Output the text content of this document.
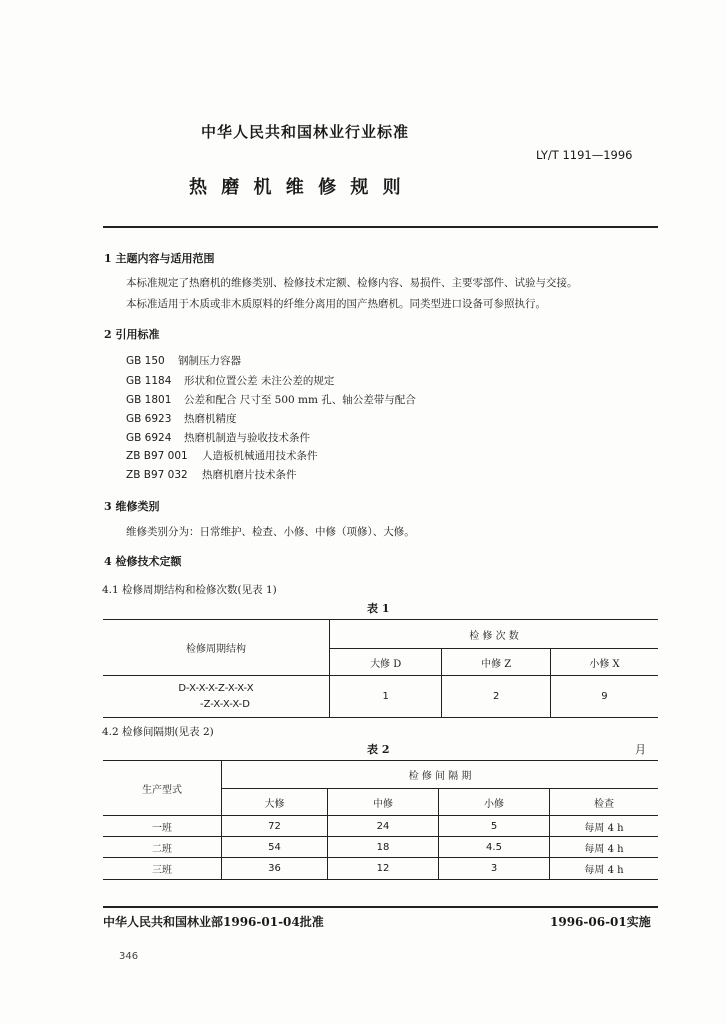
中华人民共和国林业行业标准
LY/T 1191—1996
热 磨 机 维 修 规 则
1 主题内容与适用范围
本标准规定了热磨机的维修类别、检修技术定额、检修内容、易损件、主要零部件、试验与交接。
本标准适用于木质或非木质原料的纤维分离用的国产热磨机。同类型进口设备可参照执行。
2 引用标准
GB 150 钢制压力容器
GB 1184 形状和位置公差 未注公差的规定
GB 1801 公差和配合 尺寸至 500 mm 孔、轴公差带与配合
GB 6923 热磨机精度
GB 6924 热磨机制造与验收技术条件
ZB B97 001 人造板机械通用技术条件
ZB B97 032 热磨机磨片技术条件
3 维修类别
维修类别分为：日常维护、检查、小修、中修（项修）、大修。
4 检修技术定额
4.1 检修周期结构和检修次数(见表 1)
表 1
检修周期结构	检 修 次 数		
	大修 D	中修 Z	小修 X

D-X-X-X-Z-X-X-X
-Z-X-X-X-D	1	2	9
4.2 检修间隔期(见表 2)
表 2	月
生产型式	检 修 间 隔 期			
	大修	中修	小修	检查
一班	72	24	5	每周 4 h
二班	54	18	4.5	每周 4 h
三班	36	12	3	每周 4 h
中华人民共和国林业部1996-01-04批准	1996-06-01实施
346
